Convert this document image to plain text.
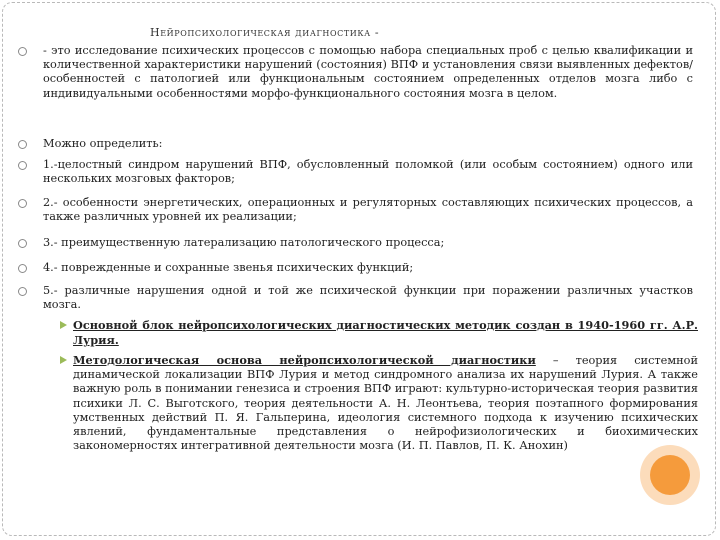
Нейропсихологическая диагностика -
- это исследование психических процессов с помощью набора специальных проб с целью квалификации и количественной характеристики нарушений (состояния) ВПФ и установления связи выявленных дефектов/особенностей с патологией или функциональным состоянием определенных отделов мозга либо с индивидуальными особенностями морфо-функционального состояния мозга в целом.
Можно определить:
1.-целостный синдром нарушений ВПФ, обусловленный поломкой (или особым состоянием) одного или нескольких мозговых факторов;
2.- особенности энергетических, операционных и регуляторных составляющих психических процессов, а также различных уровней их реализации;
3.- преимущественную латерализацию патологического процесса;
4.- поврежденные и сохранные звенья психических функций;
5.- различные нарушения одной и той же психической функции при поражении различных участков мозга.
Основной блок нейропсихологических диагностических методик создан в 1940-1960 гг. А.Р. Лурия.
Методологическая основа нейропсихологической диагностики – теория системной динамической локализации ВПФ Лурия и метод синдромного анализа их нарушений Лурия. А также важную роль в понимании генезиса и строения ВПФ играют: культурно-историческая теория развития психики Л. С. Выготского, теория деятельности А. Н. Леонтьева, теория поэтапного формирования умственных действий П. Я. Гальперина, идеология системного подхода к изучению психических явлений, фундаментальные представления о нейрофизиологических и биохимических закономерностях интегративной деятельности мозга (И. П. Павлов, П. К. Анохин)
